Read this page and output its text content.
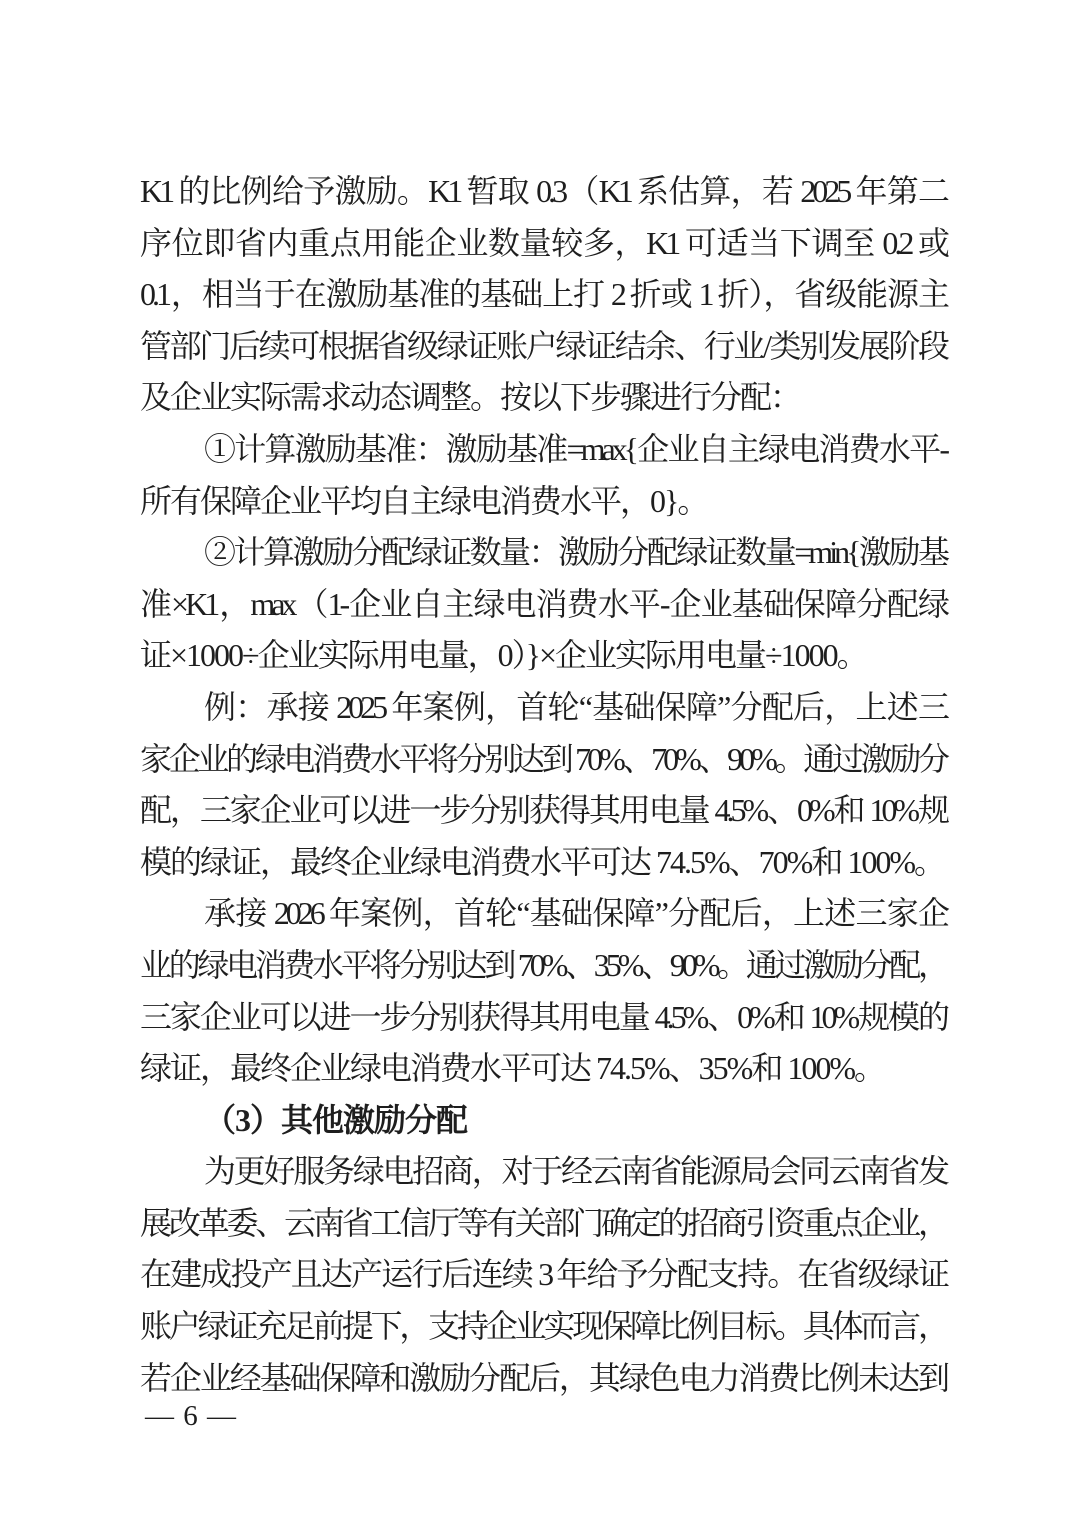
K1 的比例给予激励。K1 暂取 0.3（K1 系估算，若 2025 年第二
序位即省内重点用能企业数量较多，K1 可适当下调至 0.2 或
0.1，相当于在激励基准的基础上打 2 折或 1 折），省级能源主
管部门后续可根据省级绿证账户绿证结余、行业/类别发展阶段
及企业实际需求动态调整。按以下步骤进行分配：
①计算激励基准：激励基准=max{企业自主绿电消费水平-
所有保障企业平均自主绿电消费水平，0}。
②计算激励分配绿证数量：激励分配绿证数量=min{激励基
准×K1，max（1-企业自主绿电消费水平-企业基础保障分配绿
证×1000÷企业实际用电量，0）}×企业实际用电量÷1000。
例：承接 2025 年案例，首轮“基础保障”分配后，上述三
家企业的绿电消费水平将分别达到 70%、70%、90%。通过激励分
配，三家企业可以进一步分别获得其用电量 4.5%、0%和 10%规
模的绿证，最终企业绿电消费水平可达 74.5%、70%和 100%。
承接 2026 年案例，首轮“基础保障”分配后，上述三家企
业的绿电消费水平将分别达到 70%、35%、90%。通过激励分配，
三家企业可以进一步分别获得其用电量 4.5%、0%和 10%规模的
绿证，最终企业绿电消费水平可达 74.5%、35%和 100%。
（3）其他激励分配
为更好服务绿电招商，对于经云南省能源局会同云南省发
展改革委、云南省工信厅等有关部门确定的招商引资重点企业，
在建成投产且达产运行后连续 3 年给予分配支持。在省级绿证
账户绿证充足前提下，支持企业实现保障比例目标。具体而言，
若企业经基础保障和激励分配后，其绿色电力消费比例未达到
— 6 —
